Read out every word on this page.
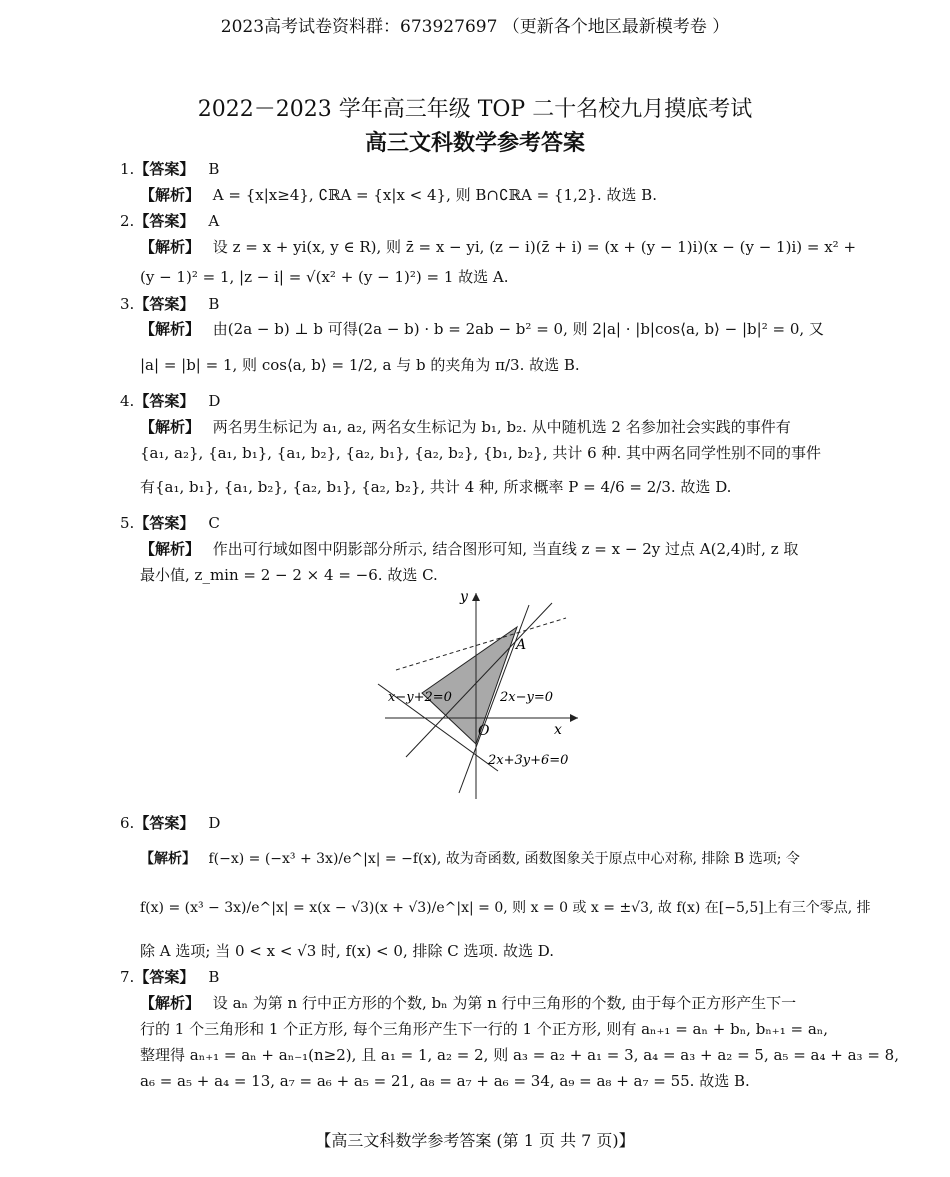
2023高考试卷资料群：673927697 （更新各个地区最新模考卷 ）
2022－2023 学年高三年级 TOP 二十名校九月摸底考试
高三文科数学参考答案
1.【答案】 B
【解析】 A = {x|x≥4}, ∁ℝA = {x|x < 4}, 则 B∩∁ℝA = {1,2}. 故选 B.
2.【答案】 A
【解析】 设 z = x + yi(x, y ∈ R), 则 z̄ = x − yi, (z − i)(z̄ + i) = (x + (y − 1)i)(x − (y − 1)i) = x² +
(y − 1)² = 1, |z − i| = √(x² + (y − 1)²) = 1 故选 A.
3.【答案】 B
【解析】 由(2a − b) ⊥ b 可得(2a − b) · b = 2ab − b² = 0, 则 2|a| · |b|cos⟨a, b⟩ − |b|² = 0, 又
|a| = |b| = 1, 则 cos⟨a, b⟩ = 1/2, a 与 b 的夹角为 π/3. 故选 B.
4.【答案】 D
【解析】 两名男生标记为 a₁, a₂, 两名女生标记为 b₁, b₂. 从中随机选 2 名参加社会实践的事件有
{a₁, a₂}, {a₁, b₁}, {a₁, b₂}, {a₂, b₁}, {a₂, b₂}, {b₁, b₂}, 共计 6 种. 其中两名同学性别不同的事件
有{a₁, b₁}, {a₁, b₂}, {a₂, b₁}, {a₂, b₂}, 共计 4 种, 所求概率 P = 4/6 = 2/3. 故选 D.
5.【答案】 C
【解析】 作出可行域如图中阴影部分所示, 结合图形可知, 当直线 z = x − 2y 过点 A(2,4)时, z 取
最小值, z_min = 2 − 2 × 4 = −6. 故选 C.
y
x
O
A
x−y+2=0	2x−y=0
2x+3y+6=0
6.【答案】 D
【解析】 f(−x) = (−x³ + 3x)/e^|x| = −f(x), 故为奇函数, 函数图象关于原点中心对称, 排除 B 选项; 令
f(x) = (x³ − 3x)/e^|x| = x(x − √3)(x + √3)/e^|x| = 0, 则 x = 0 或 x = ±√3, 故 f(x) 在[−5,5]上有三个零点, 排
除 A 选项; 当 0 < x < √3 时, f(x) < 0, 排除 C 选项. 故选 D.
7.【答案】 B
【解析】 设 aₙ 为第 n 行中正方形的个数, bₙ 为第 n 行中三角形的个数, 由于每个正方形产生下一
行的 1 个三角形和 1 个正方形, 每个三角形产生下一行的 1 个正方形, 则有 aₙ₊₁ = aₙ + bₙ, bₙ₊₁ = aₙ,
整理得 aₙ₊₁ = aₙ + aₙ₋₁(n≥2), 且 a₁ = 1, a₂ = 2, 则 a₃ = a₂ + a₁ = 3, a₄ = a₃ + a₂ = 5, a₅ = a₄ + a₃ = 8,
a₆ = a₅ + a₄ = 13, a₇ = a₆ + a₅ = 21, a₈ = a₇ + a₆ = 34, a₉ = a₈ + a₇ = 55. 故选 B.
【高三文科数学参考答案 (第 1 页 共 7 页)】
